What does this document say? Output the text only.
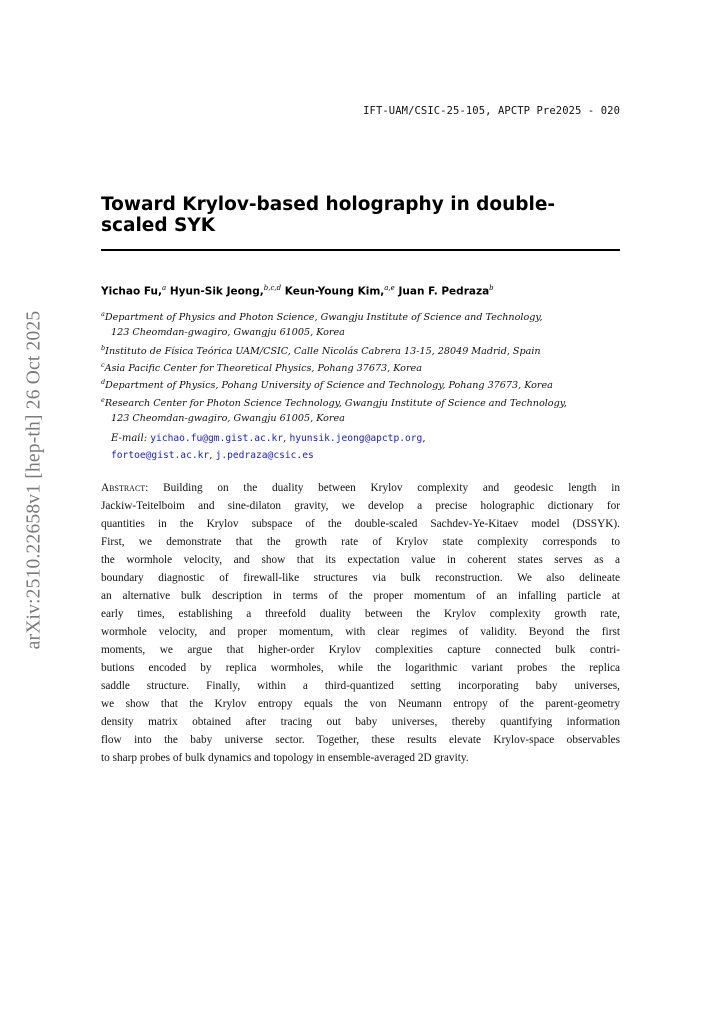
IFT-UAM/CSIC-25-105, APCTP Pre2025 - 020
arXiv:2510.22658v1 [hep-th] 26 Oct 2025
Toward Krylov-based holography in double-scaled SYK
Yichao Fu,$^a$ Hyun-Sik Jeong,$^{b,c,d}$ Keun-Young Kim,$^{a,e}$ Juan F. Pedraza$^b$
$^a$Department of Physics and Photon Science, Gwangju Institute of Science and Technology,
123 Cheomdan-gwagiro, Gwangju 61005, Korea
$^b$Instituto de Física Teórica UAM/CSIC, Calle Nicolás Cabrera 13-15, 28049 Madrid, Spain
$^c$Asia Pacific Center for Theoretical Physics, Pohang 37673, Korea
$^d$Department of Physics, Pohang University of Science and Technology, Pohang 37673, Korea
$^e$Research Center for Photon Science Technology, Gwangju Institute of Science and Technology,
123 Cheomdan-gwagiro, Gwangju 61005, Korea
E-mail: yichao.fu@gm.gist.ac.kr, hyunsik.jeong@apctp.org,
fortoe@gist.ac.kr, j.pedraza@csic.es
Abstract: Building on the duality between Krylov complexity and geodesic length in
Jackiw-Teitelboim and sine-dilaton gravity, we develop a precise holographic dictionary for
quantities in the Krylov subspace of the double-scaled Sachdev-Ye-Kitaev model (DSSYK).
First, we demonstrate that the growth rate of Krylov state complexity corresponds to
the wormhole velocity, and show that its expectation value in coherent states serves as a
boundary diagnostic of firewall-like structures via bulk reconstruction. We also delineate
an alternative bulk description in terms of the proper momentum of an infalling particle at
early times, establishing a threefold duality between the Krylov complexity growth rate,
wormhole velocity, and proper momentum, with clear regimes of validity. Beyond the first
moments, we argue that higher-order Krylov complexities capture connected bulk contri-
butions encoded by replica wormholes, while the logarithmic variant probes the replica
saddle structure. Finally, within a third-quantized setting incorporating baby universes,
we show that the Krylov entropy equals the von Neumann entropy of the parent-geometry
density matrix obtained after tracing out baby universes, thereby quantifying information
flow into the baby universe sector. Together, these results elevate Krylov-space observables
to sharp probes of bulk dynamics and topology in ensemble-averaged 2D gravity.
